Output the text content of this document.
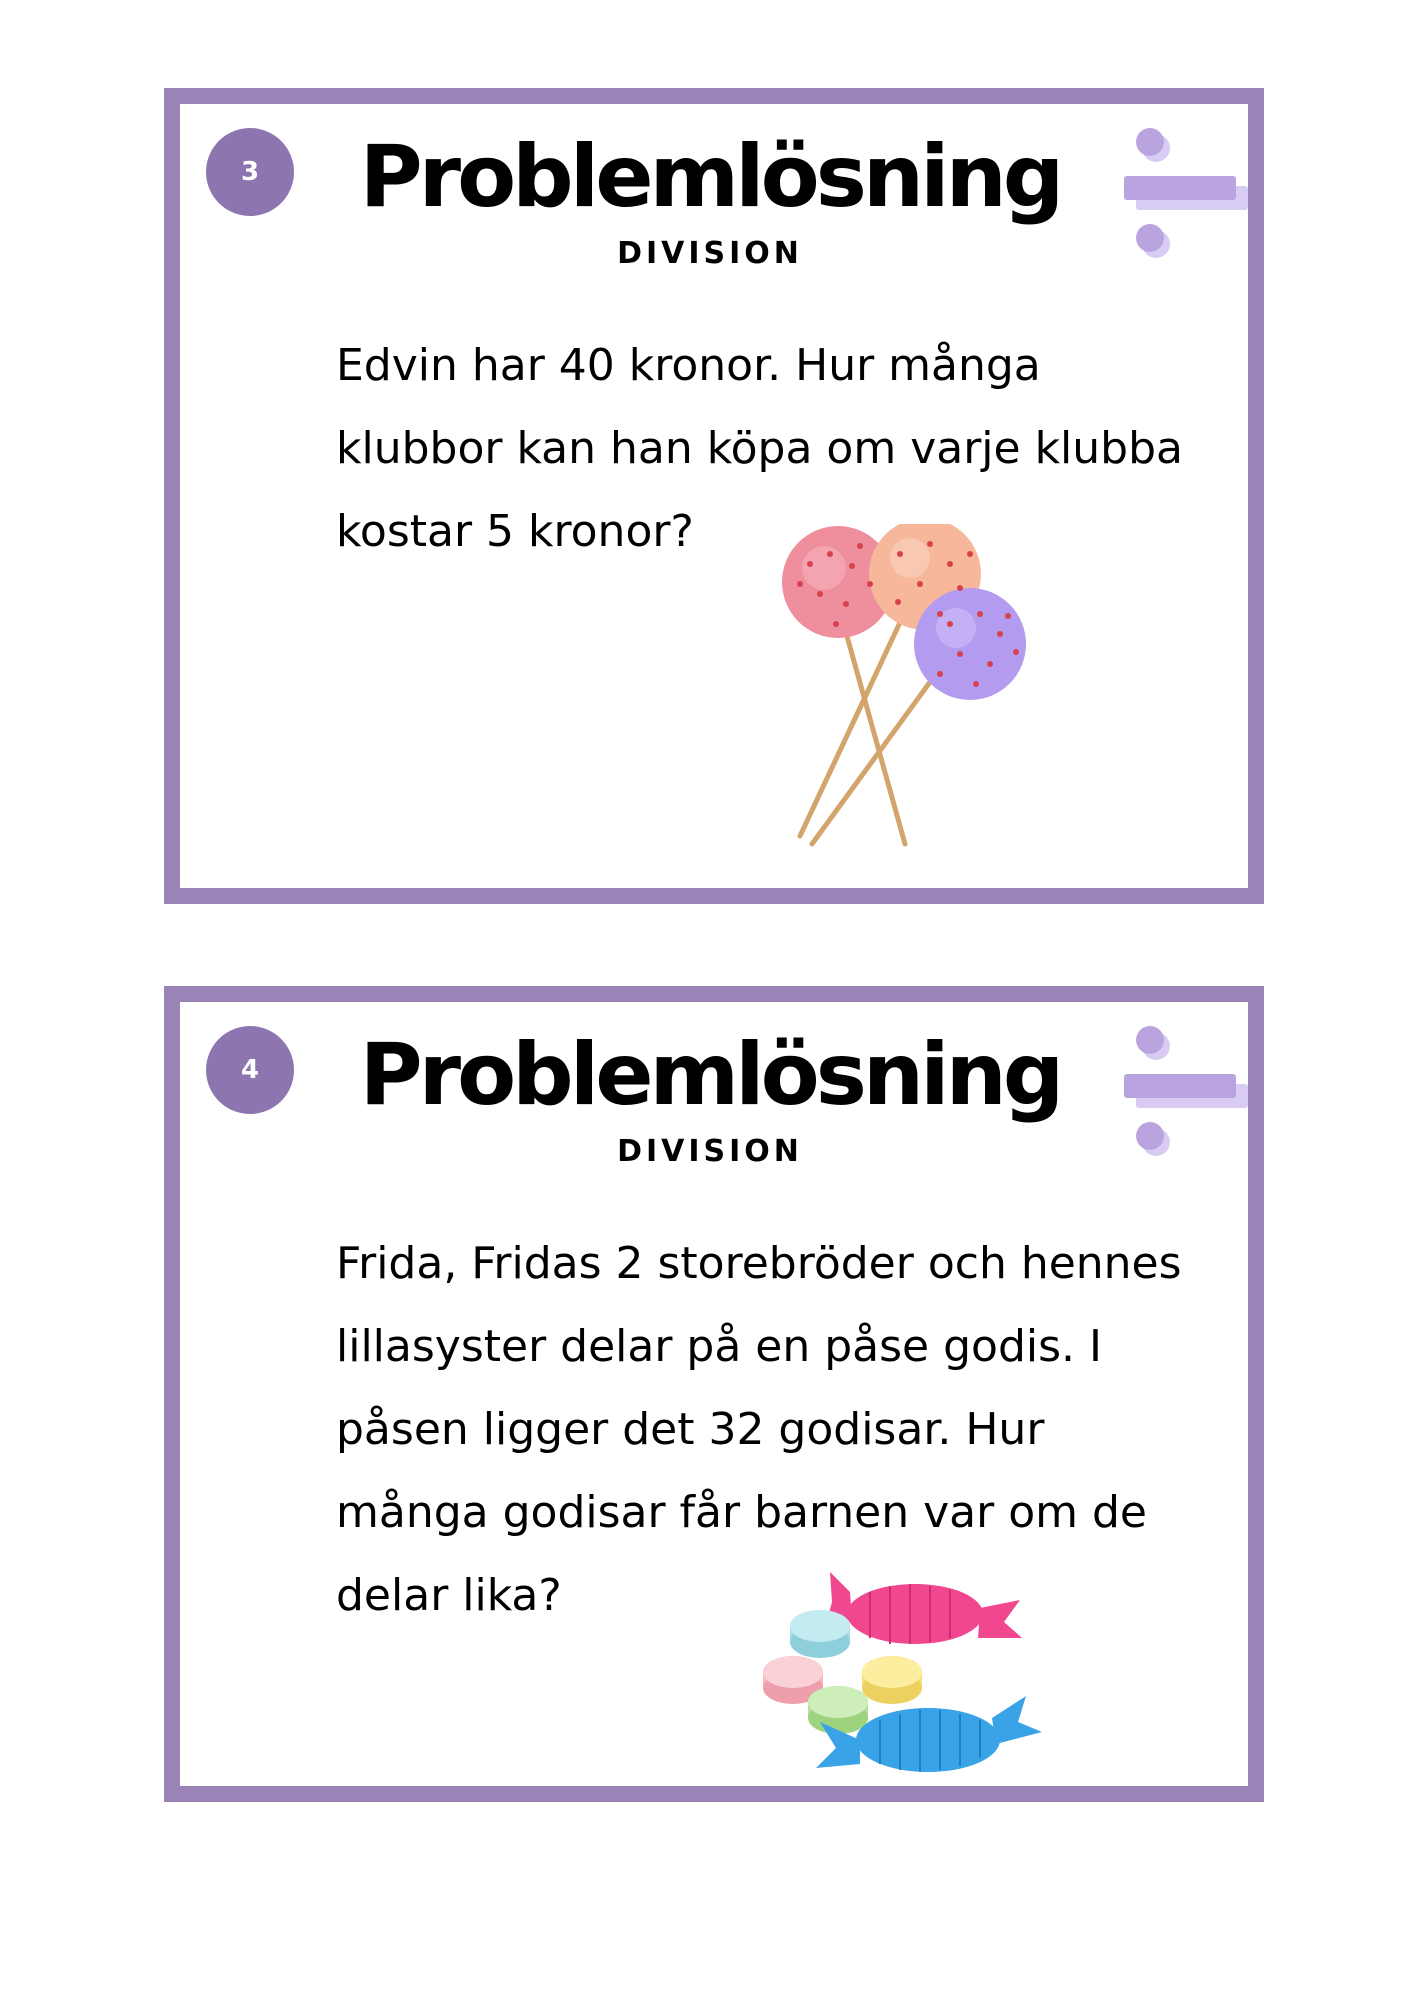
3	Problemlösning
DIVISION

Edvin har 40 kronor. Hur många klubbor kan han köpa om varje klubba kostar 5 kronor?

4	Problemlösning
DIVISION

Frida, Fridas 2 storebröder och hennes lillasyster delar på en påse godis. I påsen ligger det 32 godisar. Hur många godisar får barnen var om de delar lika?
